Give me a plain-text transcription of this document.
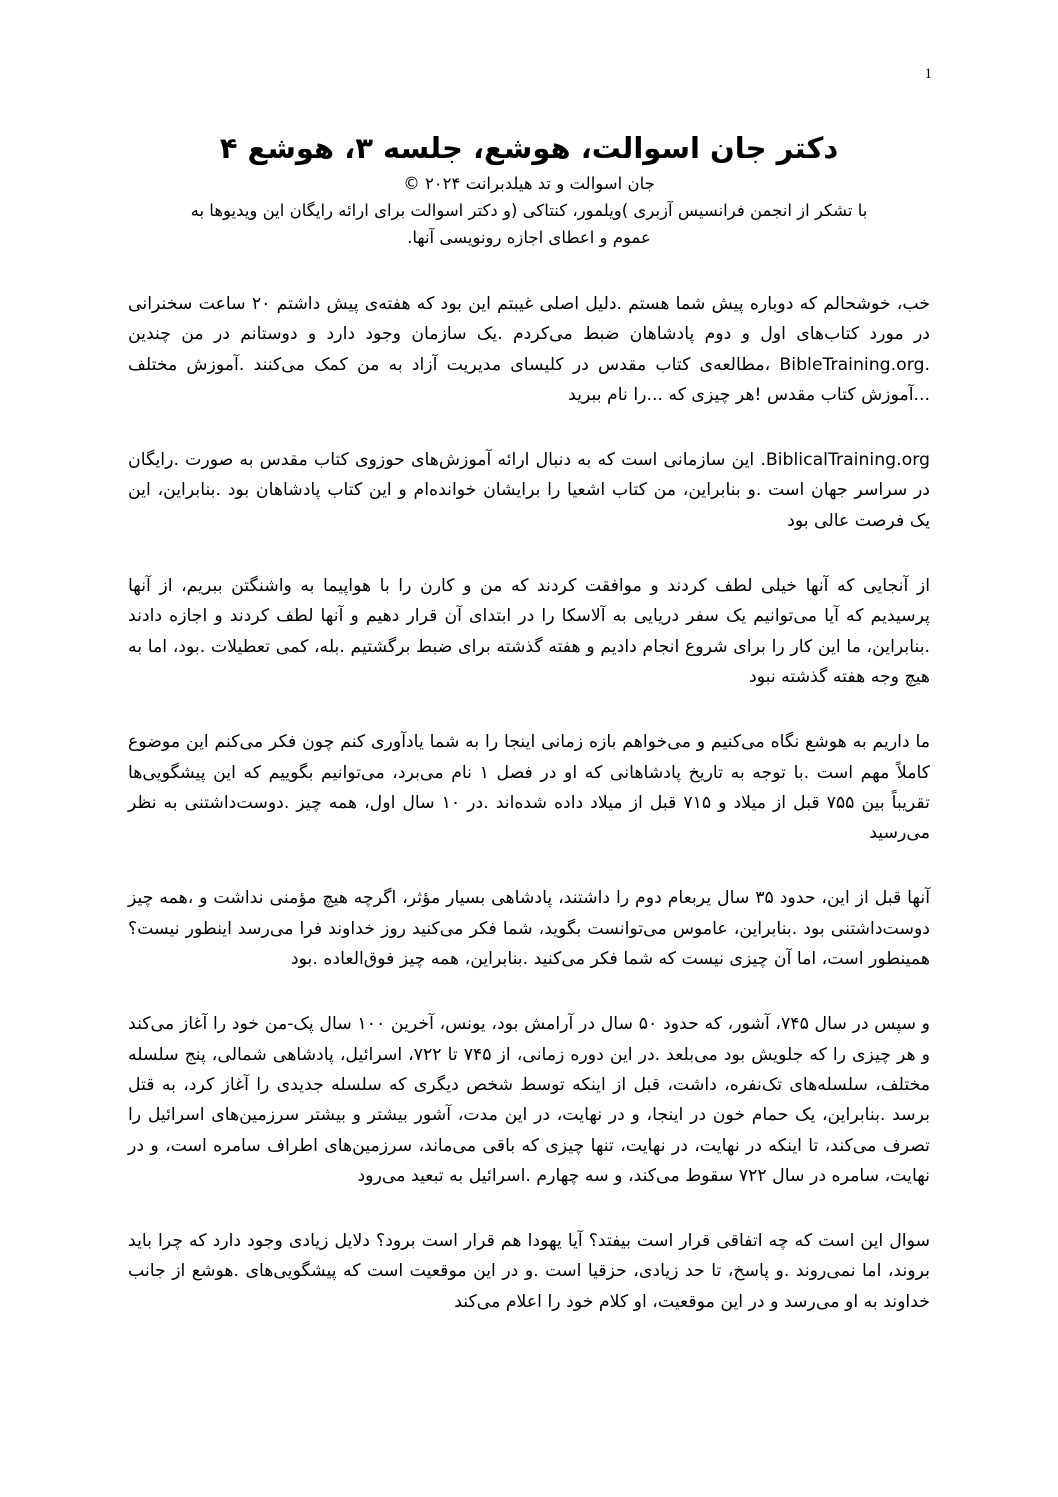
1
دکتر جان اسوالت، هوشع، جلسه ۳، هوشع ۴

جان اسوالت و تد هیلدبرانت ۲۰۲۴ ©

با تشکر از انجمن فرانسیس آزبری )ویلمور، کنتاکی (و دکتر اسوالت برای ارائه رایگان این ویدیوها به عموم و اعطای اجازه رونویسی آنها.

خب، خوشحالم که دوباره پیش شما هستم .دلیل اصلی غیبتم این بود که هفته‌ی پیش داشتم ۲۰ ساعت سخنرانی در مورد کتاب‌های اول و دوم پادشاهان ضبط می‌کردم .یک سازمان وجود دارد و دوستانم در من چندین .BibleTraining.org ،مطالعه‌ی کتاب مقدس در کلیسای مدیریت آزاد به من کمک می‌کنند .آموزش مختلف ...آموزش کتاب مقدس !هر چیزی که ...را نام ببرید

BiblicalTraining.org. این سازمانی است که به دنبال ارائه آموزش‌های حوزوی کتاب مقدس به صورت .رایگان در سراسر جهان است .و بنابراین، من کتاب اشعیا را برایشان خوانده‌ام و این کتاب پادشاهان بود .بنابراین، این یک فرصت عالی بود

از آنجایی که آنها خیلی لطف کردند و موافقت کردند که من و کارن را با هواپیما به واشنگتن ببریم، از آنها پرسیدیم که آیا می‌توانیم یک سفر دریایی به آلاسکا را در ابتدای آن قرار دهیم و آنها لطف کردند و اجازه دادند .بنابراین، ما این کار را برای شروع انجام دادیم و هفته گذشته برای ضبط برگشتیم .بله، کمی تعطیلات .بود، اما به هیچ وجه هفته گذشته نبود

ما داریم به هوشع نگاه می‌کنیم و می‌خواهم بازه زمانی اینجا را به شما یادآوری کنم چون فکر می‌کنم این موضوع کاملاً مهم است .با توجه به تاریخ پادشاهانی که او در فصل ۱ نام می‌برد، می‌توانیم بگوییم که این پیشگویی‌ها تقریباً بین ۷۵۵ قبل از میلاد و ۷۱۵ قبل از میلاد داده شده‌اند .در ۱۰ سال اول، همه چیز .دوست‌داشتنی به نظر می‌رسید

آنها قبل از این، حدود ۳۵ سال یربعام دوم را داشتند، پادشاهی بسیار مؤثر، اگرچه هیچ مؤمنی نداشت و ،همه چیز دوست‌داشتنی بود .بنابراین، عاموس می‌توانست بگوید، شما فکر می‌کنید روز خداوند فرا می‌رسد اینطور نیست؟ همینطور است، اما آن چیزی نیست که شما فکر می‌کنید .بنابراین، همه چیز فوق‌العاده .بود

و سپس در سال ۷۴۵، آشور، که حدود ۵۰ سال در آرامش بود، یونس، آخرین ۱۰۰ سال پک-من خود را آغاز می‌کند و هر چیزی را که جلویش بود می‌بلعد .در این دوره زمانی، از ۷۴۵ تا ۷۲۲، اسرائیل، پادشاهی شمالی، پنج سلسله مختلف، سلسله‌های تک‌نفره، داشت، قبل از اینکه توسط شخص دیگری که سلسله جدیدی را آغاز کرد، به قتل برسد .بنابراین، یک حمام خون در اینجا، و در نهایت، در این مدت، آشور بیشتر و بیشتر سرزمین‌های اسرائیل را تصرف می‌کند، تا اینکه در نهایت، در نهایت، تنها چیزی که باقی می‌ماند، سرزمین‌های اطراف سامره است، و در نهایت، سامره در سال ۷۲۲ سقوط می‌کند، و سه چهارم .اسرائیل به تبعید می‌رود

سوال این است که چه اتفاقی قرار است بیفتد؟ آیا یهودا هم قرار است برود؟ دلایل زیادی وجود دارد که چرا باید بروند، اما نمی‌روند .و پاسخ، تا حد زیادی، حزقیا است .و در این موقعیت است که پیشگویی‌های .هوشع از جانب خداوند به او می‌رسد و در این موقعیت، او کلام خود را اعلام می‌کند
